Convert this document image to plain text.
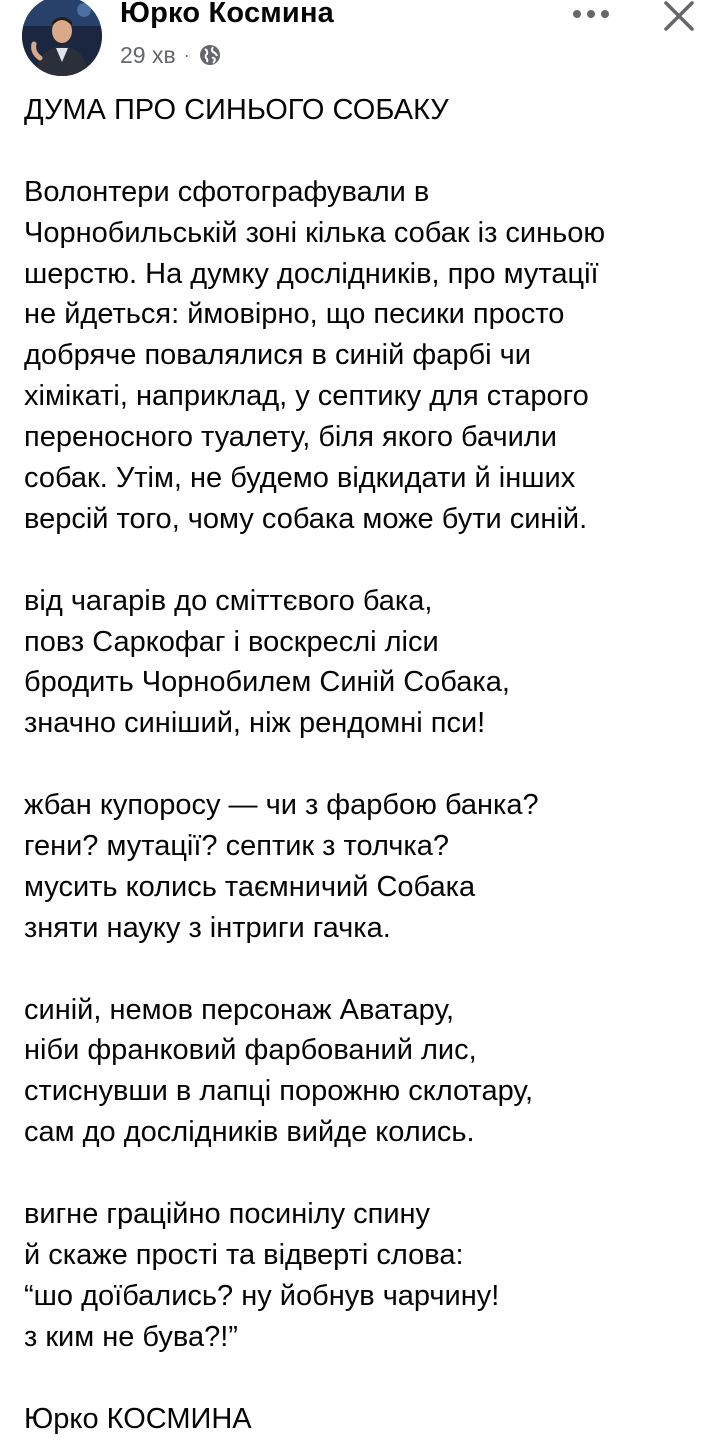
Юрко Космина
29 хв ·
ДУМА ПРО СИНЬОГО СОБАКУ
Волонтери сфотографували в
Чорнобильській зоні кілька собак із синьою
шерстю. На думку дослідників, про мутації
не йдеться: ймовірно, що песики просто
добряче повалялися в синій фарбі чи
хімікаті, наприклад, у септику для старого
переносного туалету, біля якого бачили
собак. Утім, не будемо відкидати й інших
версій того, чому собака може бути синій.
від чагарів до сміттєвого бака,
повз Саркофаг і воскреслі ліси
бродить Чорнобилем Синій Собака,
значно синіший, ніж рендомні пси!
жбан купоросу — чи з фарбою банка?
гени? мутації? септик з толчка?
мусить колись таємничий Собака
зняти науку з інтриги гачка.
синій, немов персонаж Аватару,
ніби франковий фарбований лис,
стиснувши в лапці порожню склотару,
сам до дослідників вийде колись.
вигне граційно посинілу спину
й скаже прості та відверті слова:
“шо доїбались? ну йобнув чарчину!
з ким не бува?!”
Юрко КОСМИНА
